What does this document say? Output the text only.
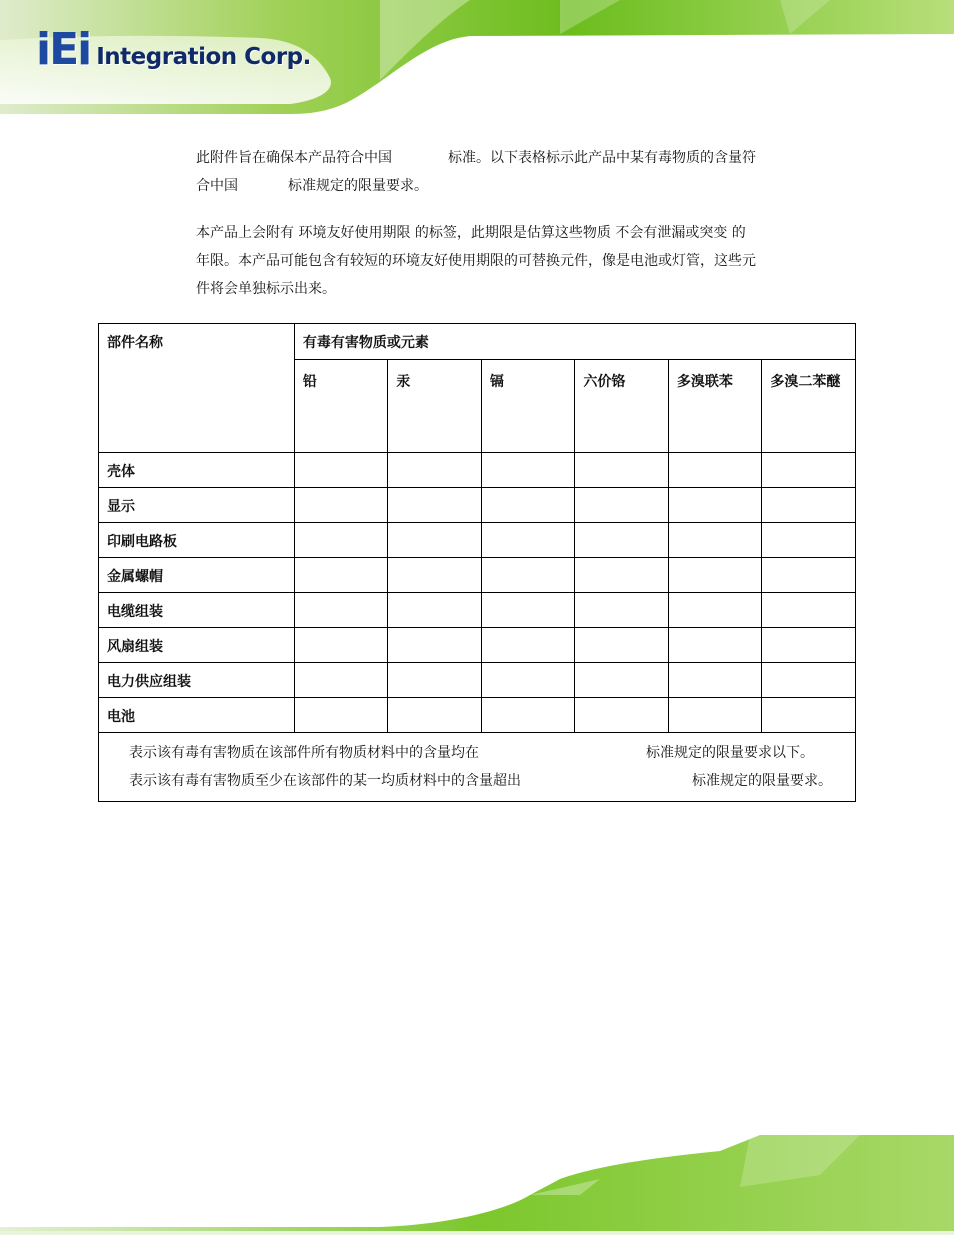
iEi Integration Corp.
此附件旨在确保本产品符合中国	标准。以下表格标示此产品中某有毒物质的含量符
合中国	标准规定的限量要求。
本产品上会附有 环境友好使用期限 的标签，此期限是估算这些物质 不会有泄漏或突变 的
年限。本产品可能包含有较短的环境友好使用期限的可替换元件，像是电池或灯管，这些元
件将会单独标示出来。
部件名称	有毒有害物质或元素					
	铅	汞	镉	六价铬	多溴联苯	多溴二苯醚
壳体						
显示						
印刷电路板						
金属螺帽						
电缆组装						
风扇组装						
电力供应组装						
电池						

表示该有毒有害物质在该部件所有物质材料中的含量均在 标准规定的限量要求以下。
表示该有毒有害物质至少在该部件的某一均质材料中的含量超出 标准规定的限量要求。						
